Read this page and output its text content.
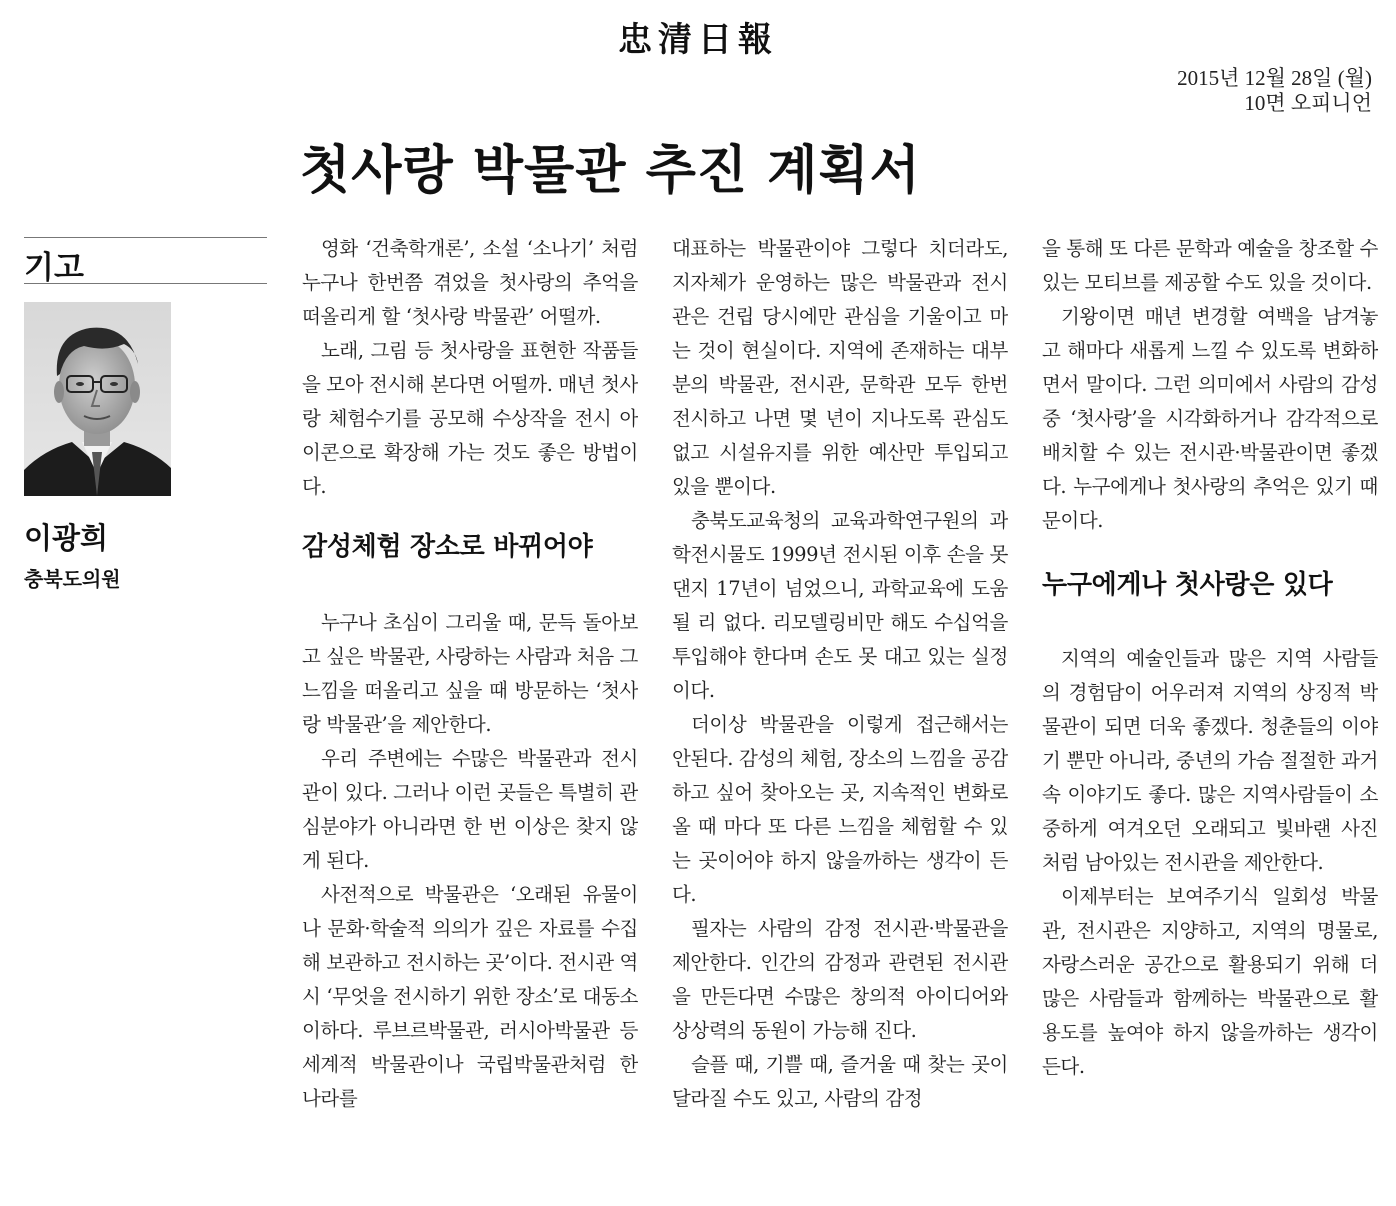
忠清日報
2015년 12월 28일 (월)
10면 오피니언
첫사랑 박물관 추진 계획서
기고
이광희
충북도의원

영화 ‘건축학개론’, 소설 ‘소나기’ 처럼 누구나 한번쯤 겪었을 첫사랑의 추억을 떠올리게 할 ‘첫사랑 박물관’ 어떨까.

노래, 그림 등 첫사랑을 표현한 작품들을 모아 전시해 본다면 어떨까. 매년 첫사랑 체험수기를 공모해 수상작을 전시 아이콘으로 확장해 가는 것도 좋은 방법이다.

감성체험 장소로 바뀌어야

누구나 초심이 그리울 때, 문득 돌아보고 싶은 박물관, 사랑하는 사람과 처음 그 느낌을 떠올리고 싶을 때 방문하는 ‘첫사랑 박물관’을 제안한다.

우리 주변에는 수많은 박물관과 전시관이 있다. 그러나 이런 곳들은 특별히 관심분야가 아니라면 한 번 이상은 찾지 않게 된다.

사전적으로 박물관은 ‘오래된 유물이나 문화·학술적 의의가 깊은 자료를 수집해 보관하고 전시하는 곳’이다. 전시관 역시 ‘무엇을 전시하기 위한 장소’로 대동소이하다. 루브르박물관, 러시아박물관 등 세계적 박물관이나 국립박물관처럼 한 나라를

대표하는 박물관이야 그렇다 치더라도, 지자체가 운영하는 많은 박물관과 전시관은 건립 당시에만 관심을 기울이고 마는 것이 현실이다. 지역에 존재하는 대부분의 박물관, 전시관, 문학관 모두 한번 전시하고 나면 몇 년이 지나도록 관심도 없고 시설유지를 위한 예산만 투입되고 있을 뿐이다.

충북도교육청의 교육과학연구원의 과학전시물도 1999년 전시된 이후 손을 못 댄지 17년이 넘었으니, 과학교육에 도움 될 리 없다. 리모델링비만 해도 수십억을 투입해야 한다며 손도 못 대고 있는 실정이다.

더이상 박물관을 이렇게 접근해서는 안된다. 감성의 체험, 장소의 느낌을 공감하고 싶어 찾아오는 곳, 지속적인 변화로 올 때 마다 또 다른 느낌을 체험할 수 있는 곳이어야 하지 않을까하는 생각이 든다.

필자는 사람의 감정 전시관·박물관을 제안한다. 인간의 감정과 관련된 전시관을 만든다면 수많은 창의적 아이디어와 상상력의 동원이 가능해 진다.

슬플 때, 기쁠 때, 즐거울 때 찾는 곳이 달라질 수도 있고, 사람의 감정

을 통해 또 다른 문학과 예술을 창조할 수 있는 모티브를 제공할 수도 있을 것이다.

기왕이면 매년 변경할 여백을 남겨놓고 해마다 새롭게 느낄 수 있도록 변화하면서 말이다. 그런 의미에서 사람의 감성 중 ‘첫사랑’을 시각화하거나 감각적으로 배치할 수 있는 전시관·박물관이면 좋겠다. 누구에게나 첫사랑의 추억은 있기 때문이다.

누구에게나 첫사랑은 있다

지역의 예술인들과 많은 지역 사람들의 경험담이 어우러져 지역의 상징적 박물관이 되면 더욱 좋겠다. 청춘들의 이야기 뿐만 아니라, 중년의 가슴 절절한 과거 속 이야기도 좋다. 많은 지역사람들이 소중하게 여겨오던 오래되고 빛바랜 사진처럼 남아있는 전시관을 제안한다.

이제부터는 보여주기식 일회성 박물관, 전시관은 지양하고, 지역의 명물로, 자랑스러운 공간으로 활용되기 위해 더 많은 사람들과 함께하는 박물관으로 활용도를 높여야 하지 않을까하는 생각이 든다.
